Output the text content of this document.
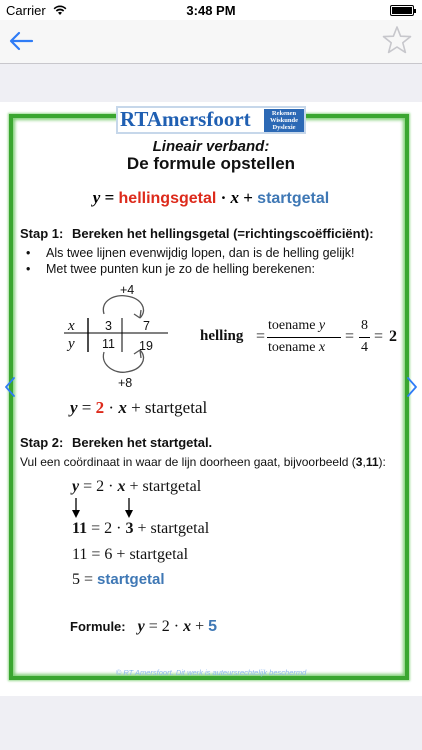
Carrier	3:48 PM
RTAmersfoort	Rekenen
Wiskunde
Dyslexie
Lineair verband:
De formule opstellen
y = hellingsgetal · x + startgetal
Stap 1: Bereken het hellingsgetal (=richtingscoëfficiënt):
• Als twee lijnen evenwijdig lopen, dan is de helling gelijk!
• Met twee punten kun je zo de helling berekenen:
+4
x 3 7
y 11 19
+8
helling =
toename y
toename x
=
8
4
= 2
y = 2 · x + startgetal
Stap 2: Bereken het startgetal.
Vul een coördinaat in waar de lijn doorheen gaat, bijvoorbeeld (3,11):
y = 2 · x + startgetal
11 = 2 · 3 + startgetal
11 = 6 + startgetal
5 = startgetal
Formule: y = 2 · x + 5
© RT Amersfoort. Dit werk is auteursrechtelijk beschermd
